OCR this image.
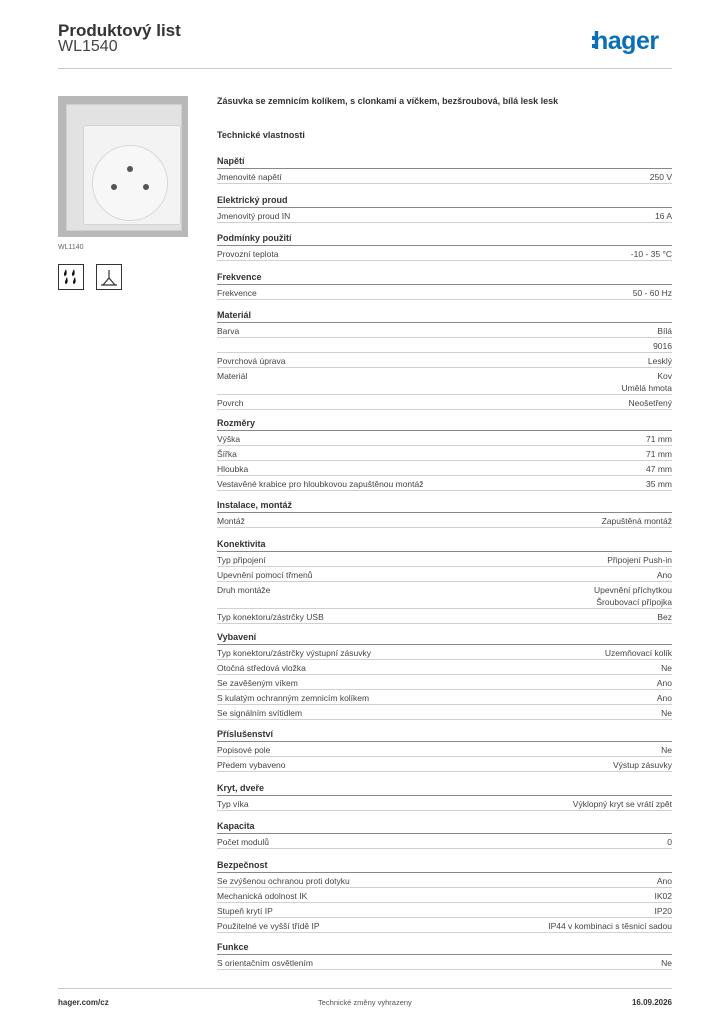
Produktový list
WL1540	hager
WL1140
Zásuvka se zemnicím kolíkem, s clonkami a víčkem, bezšroubová, bílá lesk lesk
Technické vlastnosti
Napětí
Jmenovité napětí	250 V
Elektrický proud
Jmenovitý proud IN	16 A
Podmínky použití
Provozní teplota	-10 - 35 °C
Frekvence
Frekvence	50 - 60 Hz
Materiál
Barva	Bílá
9016
Povrchová úprava	Lesklý
Materiál	Kov
Umělá hmota
Povrch	Neošetřený
Rozměry
Výška	71 mm
Šířka	71 mm
Hloubka	47 mm
Vestavěné krabice pro hloubkovou zapuštěnou montáž	35 mm
Instalace, montáž
Montáž	Zapuštěná montáž
Konektivita
Typ připojení	Připojení Push-in
Upevnění pomocí třmenů	Ano
Druh montáže	Upevnění příchytkou
Šroubovací přípojka
Typ konektoru/zástrčky USB	Bez
Vybavení
Typ konektoru/zástrčky výstupní zásuvky	Uzemňovací kolík
Otočná středová vložka	Ne
Se zavěšeným víkem	Ano
S kulatým ochranným zemnicím kolíkem	Ano
Se signálním svítidlem	Ne
Příslušenství
Popisové pole	Ne
Předem vybaveno	Výstup zásuvky
Kryt, dveře
Typ víka	Výklopný kryt se vrátí zpět
Kapacita
Počet modulů	0
Bezpečnost
Se zvýšenou ochranou proti dotyku	Ano
Mechanická odolnost IK	IK02
Stupeň krytí IP	IP20
Použitelné ve vyšší třídě IP	IP44 v kombinaci s těsnicí sadou
Funkce
S orientačním osvětlením	Ne
hager.com/cz	Technické změny vyhrazeny	16.09.2026
